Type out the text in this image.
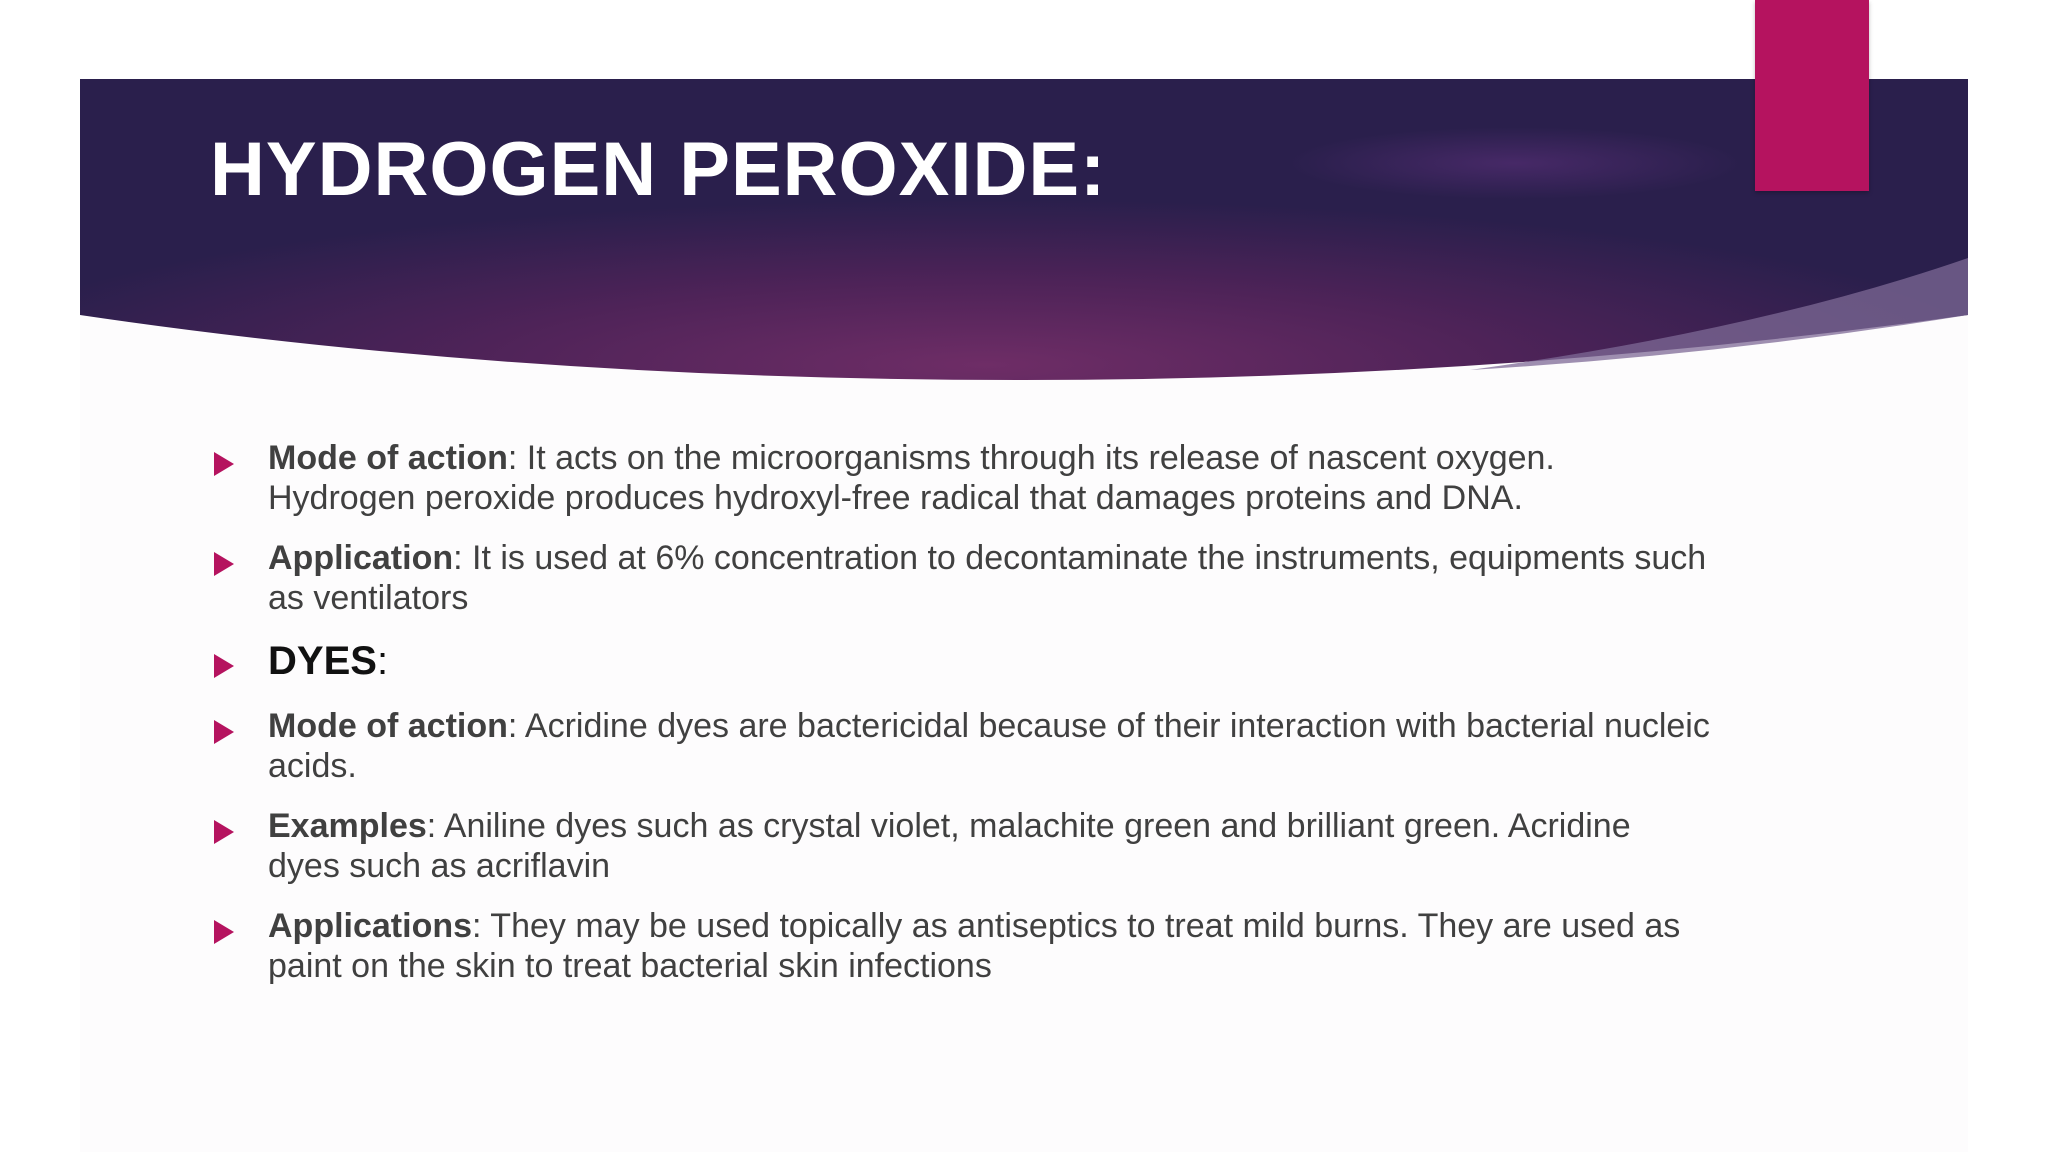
HYDROGEN PEROXIDE:
Mode of action: It acts on the microorganisms through its release of nascent oxygen. Hydrogen peroxide produces hydroxyl-free radical that damages proteins and DNA.
Application: It is used at 6% concentration to decontaminate the instruments, equipments such as ventilators
DYES:
Mode of action: Acridine dyes are bactericidal because of their interaction with bacterial nucleic acids.
Examples: Aniline dyes such as crystal violet, malachite green and brilliant green. Acridine dyes such as acriflavin
Applications: They may be used topically as antiseptics to treat mild burns. They are used as paint on the skin to treat bacterial skin infections
